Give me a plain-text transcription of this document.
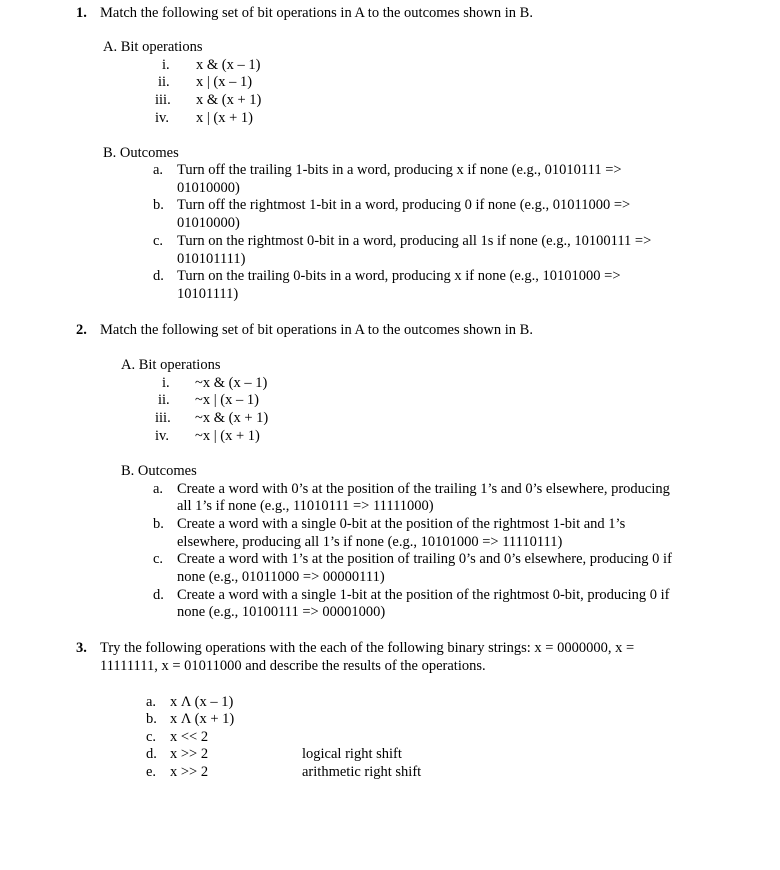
1. Match the following set of bit operations in A to the outcomes shown in B.
A. Bit operations
i. x & (x – 1)
ii. x | (x – 1)
iii. x & (x + 1)
iv. x | (x + 1)
B. Outcomes
a. Turn off the trailing 1-bits in a word, producing x if none (e.g., 01010111 =>
01010000)
b. Turn off the rightmost 1-bit in a word, producing 0 if none (e.g., 01011000 =>
01010000)
c. Turn on the rightmost 0-bit in a word, producing all 1s if none (e.g., 10100111 =>
010101111)
d. Turn on the trailing 0-bits in a word, producing x if none (e.g., 10101000 =>
10101111)
2. Match the following set of bit operations in A to the outcomes shown in B.
A. Bit operations
i. ~x & (x – 1)
ii. ~x | (x – 1)
iii. ~x & (x + 1)
iv. ~x | (x + 1)
B. Outcomes
a. Create a word with 0’s at the position of the trailing 1’s and 0’s elsewhere, producing
all 1’s if none (e.g., 11010111 => 11111000)
b. Create a word with a single 0-bit at the position of the rightmost 1-bit and 1’s
elsewhere, producing all 1’s if none (e.g., 10101000 => 11110111)
c. Create a word with 1’s at the position of trailing 0’s and 0’s elsewhere, producing 0 if
none (e.g., 01011000 => 00000111)
d. Create a word with a single 1-bit at the position of the rightmost 0-bit, producing 0 if
none (e.g., 10100111 => 00001000)
3. Try the following operations with the each of the following binary strings: x = 0000000, x =
11111111, x = 01011000 and describe the results of the operations.
a. x Λ (x – 1)
b. x Λ (x + 1)
c. x << 2
d. x >> 2	logical right shift
e. x >> 2	arithmetic right shift
